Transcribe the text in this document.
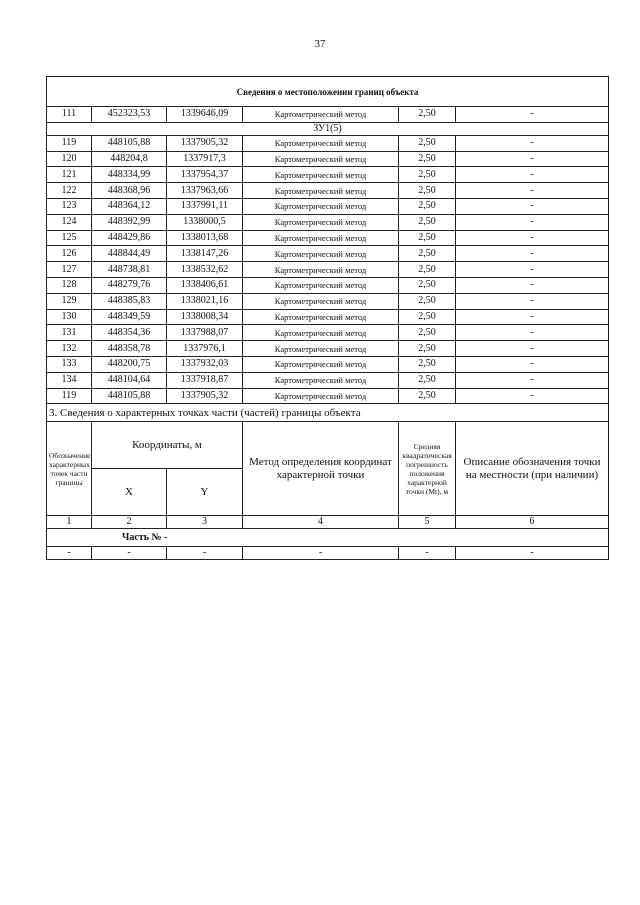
37
Сведения о местоположении границ объекта					
111	452323,53	1339646,09	Картометрический метод	2,50	-
ЗУ1(5)					
119	448105,88	1337905,32	Картометрический метод	2,50	-
120	448204,8	1337917,3	Картометрический метод	2,50	-
121	448334,99	1337954,37	Картометрический метод	2,50	-
122	448368,96	1337963,66	Картометрический метод	2,50	-
123	448364,12	1337991,11	Картометрический метод	2,50	-
124	448392,99	1338000,5	Картометрический метод	2,50	-
125	448429,86	1338013,68	Картометрический метод	2,50	-
126	448844,49	1338147,26	Картометрический метод	2,50	-
127	448738,81	1338532,62	Картометрический метод	2,50	-
128	448279,76	1338406,61	Картометрический метод	2,50	-
129	448385,83	1338021,16	Картометрический метод	2,50	-
130	448349,59	1338008,34	Картометрический метод	2,50	-
131	448354,36	1337988,07	Картометрический метод	2,50	-
132	448358,78	1337976,1	Картометрический метод	2,50	-
133	448200,75	1337932,03	Картометрический метод	2,50	-
134	448104,64	1337918,87	Картометрический метод	2,50	-
119	448105,88	1337905,32	Картометрический метод	2,50	-
3. Сведения о характерных точках части (частей) границы объекта					
Обозначение характерных точек части границы	Координаты, м		Метод определения координат характерной точки	Средняя квадратическая погрешность положения характерной точки (Mt), м	Описание обозначения точки на местности (при наличии)
	X	Y			
1	2	3	4	5	6
Часть № -					
-	-	-	-	-	-
